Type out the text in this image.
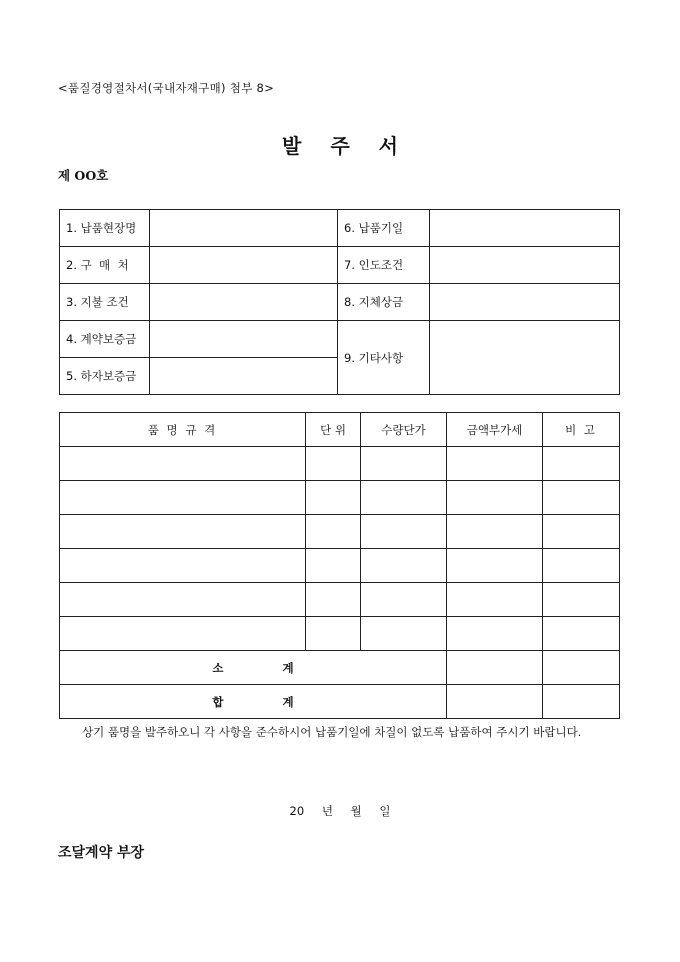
<품질경영절차서(국내자재구매) 첨부 8>
발 주 서
제 OO호
1. 납품현장명		6. 납품기일	
2. 구  매  처		7. 인도조건	
3. 지불 조건		8. 지체상금	
4. 계약보증금		9. 기타사항	
5. 하자보증금			
품 명 규 격	단 위	수량단가	금액부가세	비 고

소 계				
합 계				
상기 품명을 발주하오니 각 사항을 준수하시어 납품기일에 차질이 없도록 납품하여 주시기 바랍니다.
20 년 월 일
조달계약 부장
